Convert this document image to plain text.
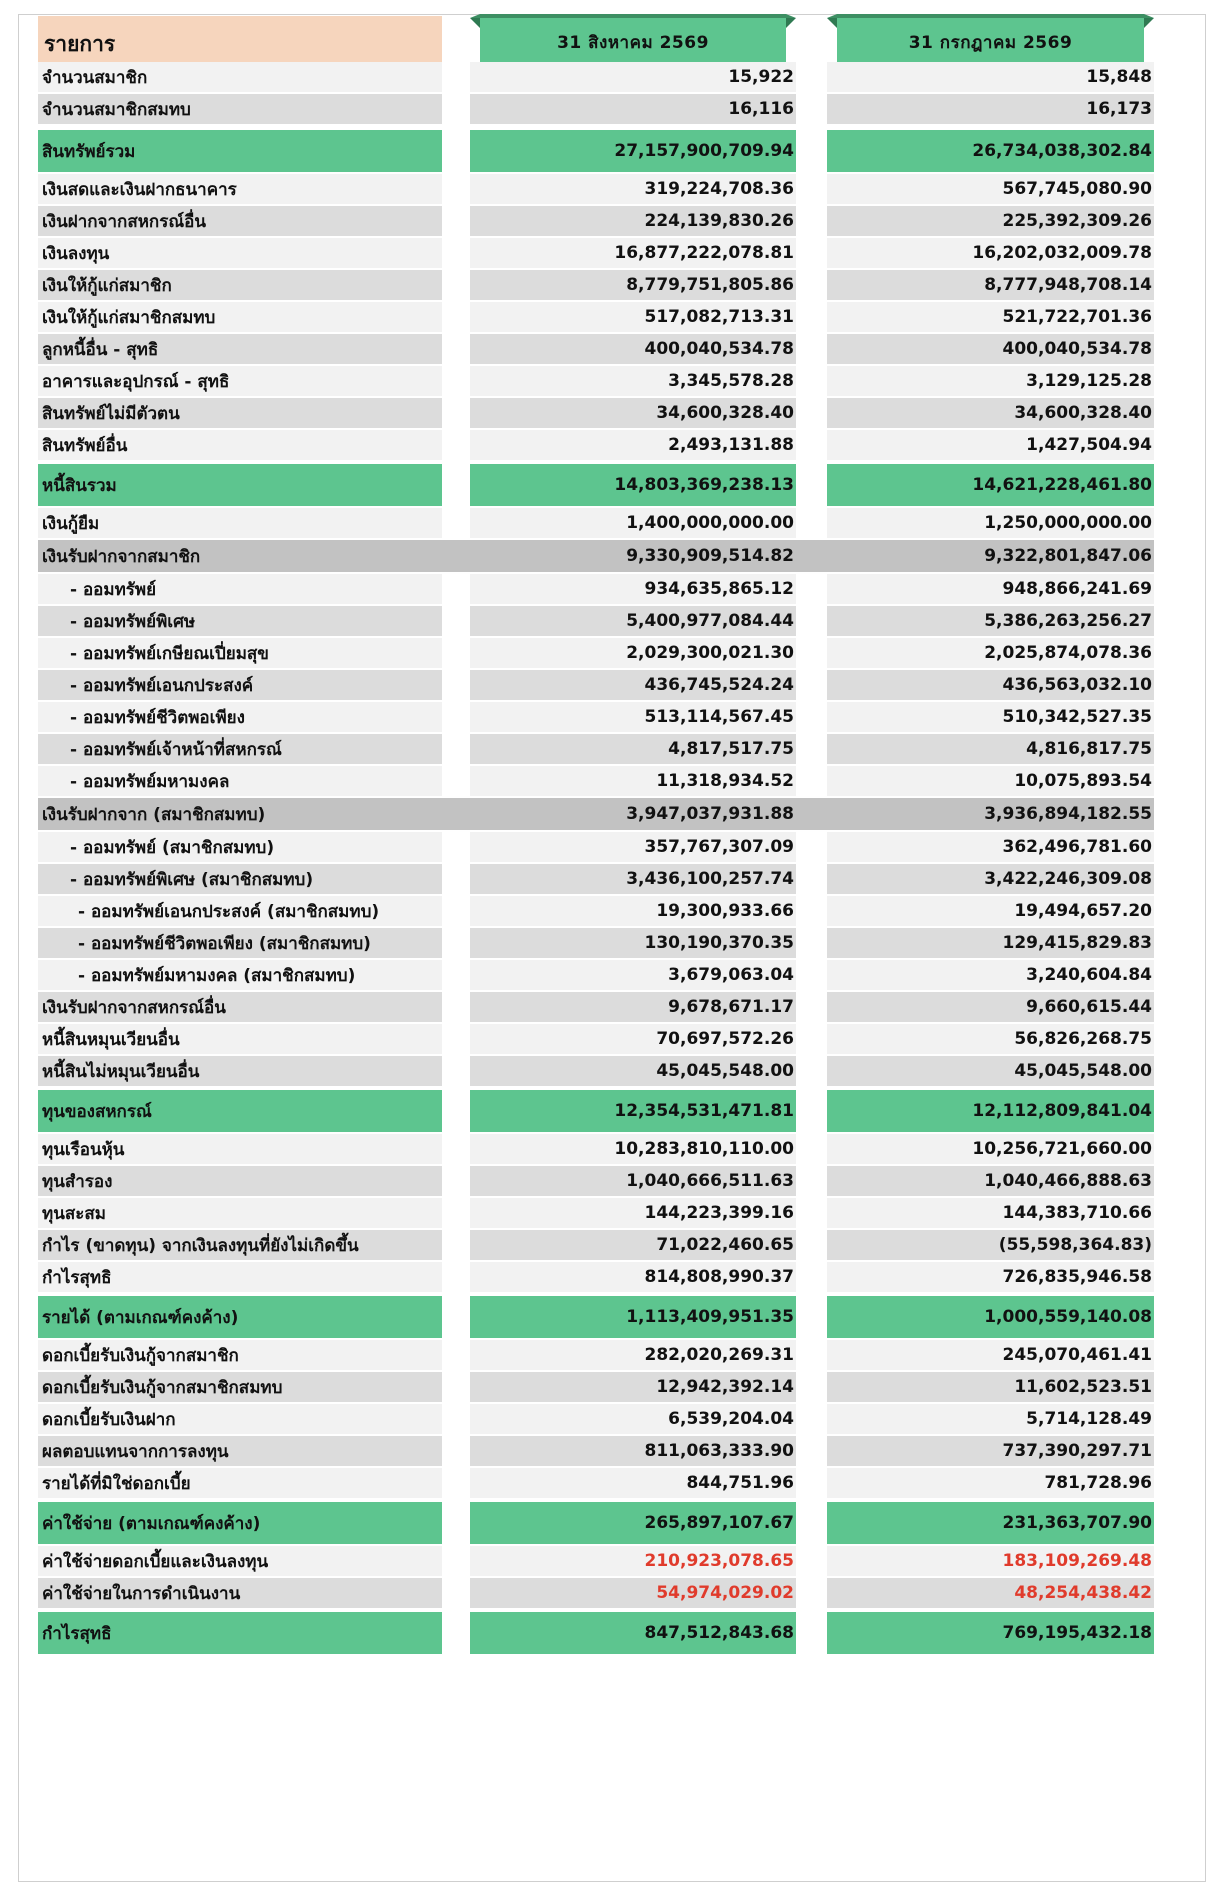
รายการ	31 สิงหาคม 2569	31 กรกฎาคม 2569
จำนวนสมาชิก	15,922	15,848
จำนวนสมาชิกสมทบ	16,116	16,173
สินทรัพย์รวม	27,157,900,709.94	26,734,038,302.84
เงินสดและเงินฝากธนาคาร	319,224,708.36	567,745,080.90
เงินฝากจากสหกรณ์อื่น	224,139,830.26	225,392,309.26
เงินลงทุน	16,877,222,078.81	16,202,032,009.78
เงินให้กู้แก่สมาชิก	8,779,751,805.86	8,777,948,708.14
เงินให้กู้แก่สมาชิกสมทบ	517,082,713.31	521,722,701.36
ลูกหนี้อื่น - สุทธิ	400,040,534.78	400,040,534.78
อาคารและอุปกรณ์ - สุทธิ	3,345,578.28	3,129,125.28
สินทรัพย์ไม่มีตัวตน	34,600,328.40	34,600,328.40
สินทรัพย์อื่น	2,493,131.88	1,427,504.94
หนี้สินรวม	14,803,369,238.13	14,621,228,461.80
เงินกู้ยืม	1,400,000,000.00	1,250,000,000.00
เงินรับฝากจากสมาชิก	9,330,909,514.82	9,322,801,847.06
- ออมทรัพย์	934,635,865.12	948,866,241.69
- ออมทรัพย์พิเศษ	5,400,977,084.44	5,386,263,256.27
- ออมทรัพย์เกษียณเปี่ยมสุข	2,029,300,021.30	2,025,874,078.36
- ออมทรัพย์เอนกประสงค์	436,745,524.24	436,563,032.10
- ออมทรัพย์ชีวิตพอเพียง	513,114,567.45	510,342,527.35
- ออมทรัพย์เจ้าหน้าที่สหกรณ์	4,817,517.75	4,816,817.75
- ออมทรัพย์มหามงคล	11,318,934.52	10,075,893.54
เงินรับฝากจาก (สมาชิกสมทบ)	3,947,037,931.88	3,936,894,182.55
- ออมทรัพย์ (สมาชิกสมทบ)	357,767,307.09	362,496,781.60
- ออมทรัพย์พิเศษ (สมาชิกสมทบ)	3,436,100,257.74	3,422,246,309.08
- ออมทรัพย์เอนกประสงค์ (สมาชิกสมทบ)	19,300,933.66	19,494,657.20
- ออมทรัพย์ชีวิตพอเพียง (สมาชิกสมทบ)	130,190,370.35	129,415,829.83
- ออมทรัพย์มหามงคล (สมาชิกสมทบ)	3,679,063.04	3,240,604.84
เงินรับฝากจากสหกรณ์อื่น	9,678,671.17	9,660,615.44
หนี้สินหมุนเวียนอื่น	70,697,572.26	56,826,268.75
หนี้สินไม่หมุนเวียนอื่น	45,045,548.00	45,045,548.00
ทุนของสหกรณ์	12,354,531,471.81	12,112,809,841.04
ทุนเรือนหุ้น	10,283,810,110.00	10,256,721,660.00
ทุนสำรอง	1,040,666,511.63	1,040,466,888.63
ทุนสะสม	144,223,399.16	144,383,710.66
กำไร (ขาดทุน) จากเงินลงทุนที่ยังไม่เกิดขึ้น	71,022,460.65	(55,598,364.83)
กำไรสุทธิ	814,808,990.37	726,835,946.58
รายได้ (ตามเกณฑ์คงค้าง)	1,113,409,951.35	1,000,559,140.08
ดอกเบี้ยรับเงินกู้จากสมาชิก	282,020,269.31	245,070,461.41
ดอกเบี้ยรับเงินกู้จากสมาชิกสมทบ	12,942,392.14	11,602,523.51
ดอกเบี้ยรับเงินฝาก	6,539,204.04	5,714,128.49
ผลตอบแทนจากการลงทุน	811,063,333.90	737,390,297.71
รายได้ที่มิใช่ดอกเบี้ย	844,751.96	781,728.96
ค่าใช้จ่าย (ตามเกณฑ์คงค้าง)	265,897,107.67	231,363,707.90
ค่าใช้จ่ายดอกเบี้ยและเงินลงทุน	210,923,078.65	183,109,269.48
ค่าใช้จ่ายในการดำเนินงาน	54,974,029.02	48,254,438.42
กำไรสุทธิ	847,512,843.68	769,195,432.18
